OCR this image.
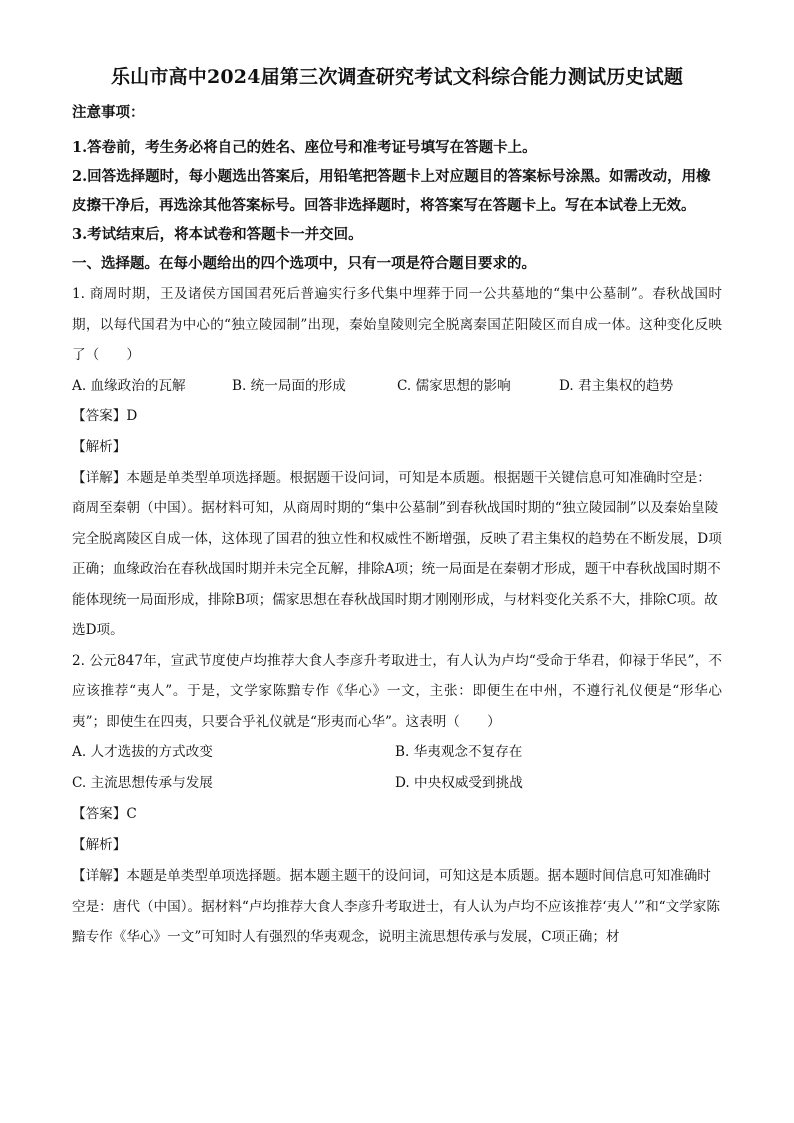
乐山市高中2024届第三次调查研究考试文科综合能力测试历史试题
注意事项：

1.答卷前，考生务必将自己的姓名、座位号和准考证号填写在答题卡上。

2.回答选择题时，每小题选出答案后，用铅笔把答题卡上对应题目的答案标号涂黑。如需改动，用橡皮擦干净后，再选涂其他答案标号。回答非选择题时，将答案写在答题卡上。写在本试卷上无效。

3.考试结束后，将本试卷和答题卡一并交回。

一、选择题。在每小题给出的四个选项中，只有一项是符合题目要求的。

1. 商周时期，王及诸侯方国国君死后普遍实行多代集中埋葬于同一公共墓地的“集中公墓制”。春秋战国时期，以每代国君为中心的“独立陵园制”出现，秦始皇陵则完全脱离秦国芷阳陵区而自成一体。这种变化反映了（　　）

A. 血缘政治的瓦解	B. 统一局面的形成	C. 儒家思想的影响	D. 君主集权的趋势

【答案】D

【解析】

【详解】本题是单类型单项选择题。根据题干设问词，可知是本质题。根据题干关键信息可知准确时空是：商周至秦朝（中国）。据材料可知，从商周时期的“集中公墓制”到春秋战国时期的“独立陵园制”以及秦始皇陵完全脱离陵区自成一体，这体现了国君的独立性和权威性不断增强，反映了君主集权的趋势在不断发展，D项正确；血缘政治在春秋战国时期并未完全瓦解，排除A项；统一局面是在秦朝才形成，题干中春秋战国时期不能体现统一局面形成，排除B项；儒家思想在春秋战国时期才刚刚形成，与材料变化关系不大，排除C项。故选D项。

2. 公元847年，宣武节度使卢均推荐大食人李彦升考取进士，有人认为卢均“受命于华君，仰禄于华民”，不应该推荐“夷人”。于是，文学家陈黯专作《华心》一文，主张：即便生在中州，不遵行礼仪便是“形华心夷”；即使生在四夷，只要合乎礼仪就是“形夷而心华”。这表明（　　）

A. 人才选拔的方式改变	B. 华夷观念不复存在
C. 主流思想传承与发展	D. 中央权威受到挑战

【答案】C

【解析】

【详解】本题是单类型单项选择题。据本题主题干的设问词，可知这是本质题。据本题时间信息可知准确时空是：唐代（中国）。据材料“卢均推荐大食人李彦升考取进士，有人认为卢均不应该推荐‘夷人’”和“文学家陈黯专作《华心》一文”可知时人有强烈的华夷观念，说明主流思想传承与发展，C项正确；材
